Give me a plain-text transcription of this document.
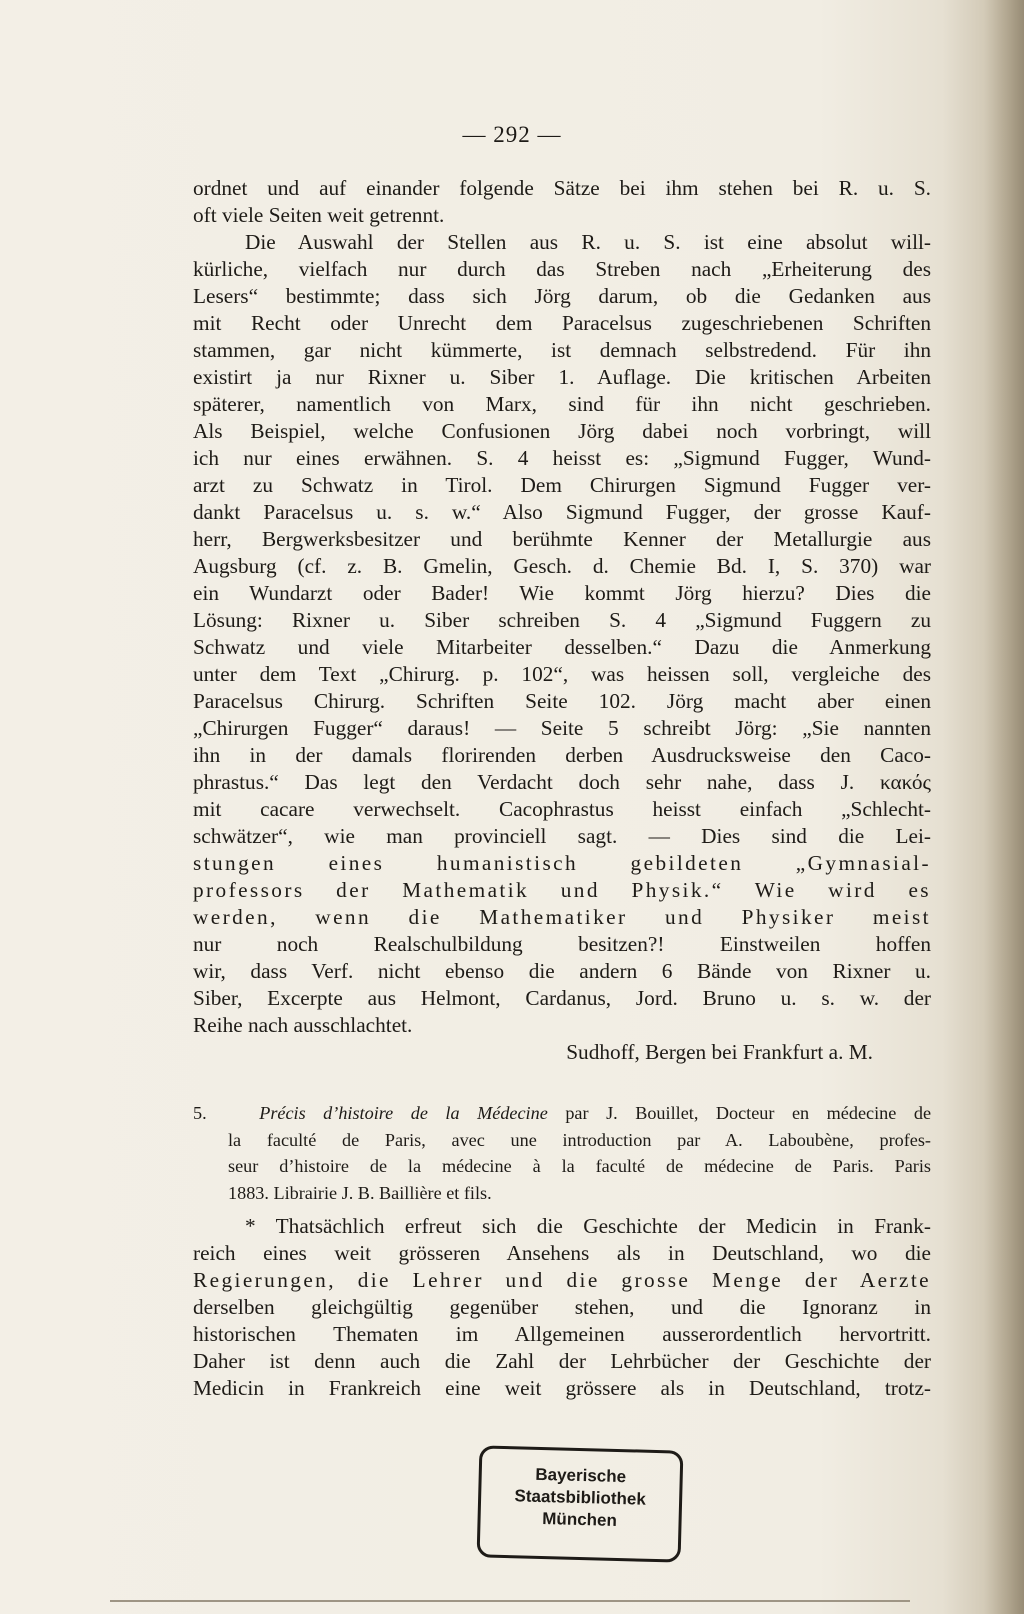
— 292 —
ordnet und auf einander folgende Sätze bei ihm stehen bei R. u. S.
oft viele Seiten weit getrennt.
Die Auswahl der Stellen aus R. u. S. ist eine absolut will-
kürliche, vielfach nur durch das Streben nach „Erheiterung des
Lesers“ bestimmte; dass sich Jörg darum, ob die Gedanken aus
mit Recht oder Unrecht dem Paracelsus zugeschriebenen Schriften
stammen, gar nicht kümmerte, ist demnach selbstredend. Für ihn
existirt ja nur Rixner u. Siber 1. Auflage. Die kritischen Arbeiten
späterer, namentlich von Marx, sind für ihn nicht geschrieben.
Als Beispiel, welche Confusionen Jörg dabei noch vorbringt, will
ich nur eines erwähnen. S. 4 heisst es: „Sigmund Fugger, Wund-
arzt zu Schwatz in Tirol. Dem Chirurgen Sigmund Fugger ver-
dankt Paracelsus u. s. w.“ Also Sigmund Fugger, der grosse Kauf-
herr, Bergwerksbesitzer und berühmte Kenner der Metallurgie aus
Augsburg (cf. z. B. Gmelin, Gesch. d. Chemie Bd. I, S. 370) war
ein Wundarzt oder Bader! Wie kommt Jörg hierzu? Dies die
Lösung: Rixner u. Siber schreiben S. 4 „Sigmund Fuggern zu
Schwatz und viele Mitarbeiter desselben.“ Dazu die Anmerkung
unter dem Text „Chirurg. p. 102“, was heissen soll, vergleiche des
Paracelsus Chirurg. Schriften Seite 102. Jörg macht aber einen
„Chirurgen Fugger“ daraus! — Seite 5 schreibt Jörg: „Sie nannten
ihn in der damals florirenden derben Ausdrucksweise den Caco-
phrastus.“ Das legt den Verdacht doch sehr nahe, dass J. κακός
mit cacare verwechselt. Cacophrastus heisst einfach „Schlecht-
schwätzer“, wie man provinciell sagt. — Dies sind die Lei-
stungen eines humanistisch gebildeten „Gymnasial-
professors der Mathematik und Physik.“ Wie wird es
werden, wenn die Mathematiker und Physiker meist
nur noch Realschulbildung besitzen?! Einstweilen hoffen
wir, dass Verf. nicht ebenso die andern 6 Bände von Rixner u.
Siber, Excerpte aus Helmont, Cardanus, Jord. Bruno u. s. w. der
Reihe nach ausschlachtet.
Sudhoff, Bergen bei Frankfurt a. M.
5.	Précis d’histoire de la Médecine par J. Bouillet, Docteur en médecine de
la faculté de Paris, avec une introduction par A. Laboubène, profes-
seur d’histoire de la médecine à la faculté de médecine de Paris. Paris
1883. Librairie J. B. Baillière et fils.
* Thatsächlich erfreut sich die Geschichte der Medicin in Frank-
reich eines weit grösseren Ansehens als in Deutschland, wo die
Regierungen, die Lehrer und die grosse Menge der Aerzte
derselben gleichgültig gegenüber stehen, und die Ignoranz in
historischen Thematen im Allgemeinen ausserordentlich hervortritt.
Daher ist denn auch die Zahl der Lehrbücher der Geschichte der
Medicin in Frankreich eine weit grössere als in Deutschland, trotz-
Bayerische
Staatsbibliothek
München
